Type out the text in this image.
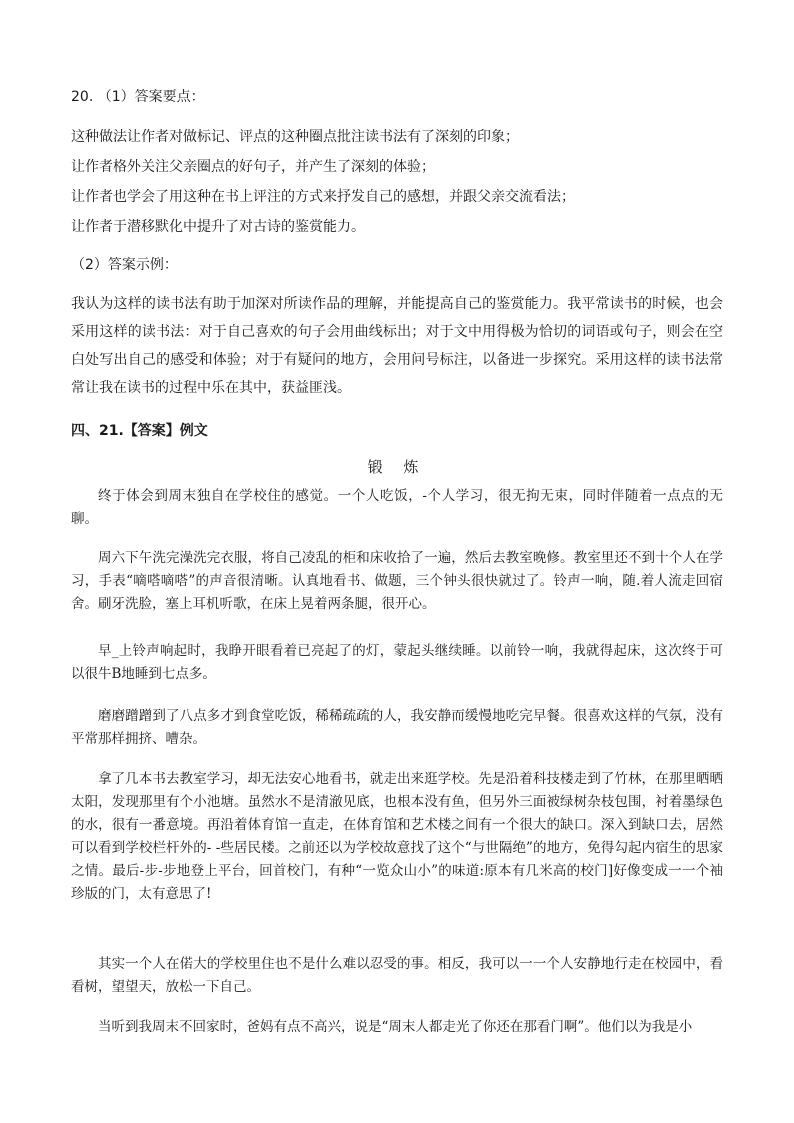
20. （1）答案要点：

这种做法让作者对做标记、评点的这种圈点批注读书法有了深刻的印象；

让作者格外关注父亲圈点的好句子，并产生了深刻的体验；

让作者也学会了用这种在书上评注的方式来抒发自己的感想，并跟父亲交流看法；

让作者于潜移默化中提升了对古诗的鉴赏能力。

（2）答案示例：

我认为这样的读书法有助于加深对所读作品的理解，并能提高自己的鉴赏能力。我平常读书的时候，也会采用这样的读书法：对于自己喜欢的句子会用曲线标出；对于文中用得极为恰切的词语或句子，则会在空白处写出自己的感受和体验；对于有疑问的地方，会用问号标注，以备进一步探究。采用这样的读书法常常让我在读书的过程中乐在其中，获益匪浅。

四、21.【答案】例文

锻 炼

终于体会到周末独自在学校住的感觉。一个人吃饭，-个人学习，很无拘无束，同时伴随着一点点的无聊。

周六下午洗完澡洗完衣服，将自己凌乱的柜和床收拾了一遍，然后去教室晚修。教室里还不到十个人在学习，手表“嘀嗒嘀嗒”的声音很清晰。认真地看书、做题，三个钟头很快就过了。铃声一响，随.着人流走回宿舍。刷牙洗脸，塞上耳机听歌，在床上晃着两条腿，很开心。

早_上铃声响起时，我睁开眼看着已亮起了的灯，蒙起头继续睡。以前铃一响，我就得起床，这次终于可以很牛B地睡到七点多。

磨磨蹭蹭到了八点多才到食堂吃饭，稀稀疏疏的人，我安静而缓慢地吃完早餐。很喜欢这样的气氛，没有平常那样拥挤、嘈杂。

拿了几本书去教室学习，却无法安心地看书，就走出来逛学校。先是沿着科技楼走到了竹林，在那里晒晒太阳，发现那里有个小池塘。虽然水不是清澈见底，也根本没有鱼，但另外三面被绿树杂枝包围，衬着墨绿色的水，很有一番意境。再沿着体育馆一直走，在体育馆和艺术楼之间有一个很大的缺口。深入到缺口去，居然可以看到学校栏杆外的- -些居民楼。之前还以为学校故意找了这个“与世隔绝”的地方，免得勾起内宿生的思家之情。最后-步-步地登上平台，回首校门，有种“一览众山小”的味道:原本有几米高的校门]好像变成一一个袖珍版的门，太有意思了!

其实一个人在偌大的学校里住也不是什么难以忍受的事。相反，我可以一一个人安静地行走在校园中，看看树，望望天，放松一下自己。

当听到我周末不回家时，爸妈有点不高兴，说是“周末人都走光了你还在那看门啊”。他们以为我是小
